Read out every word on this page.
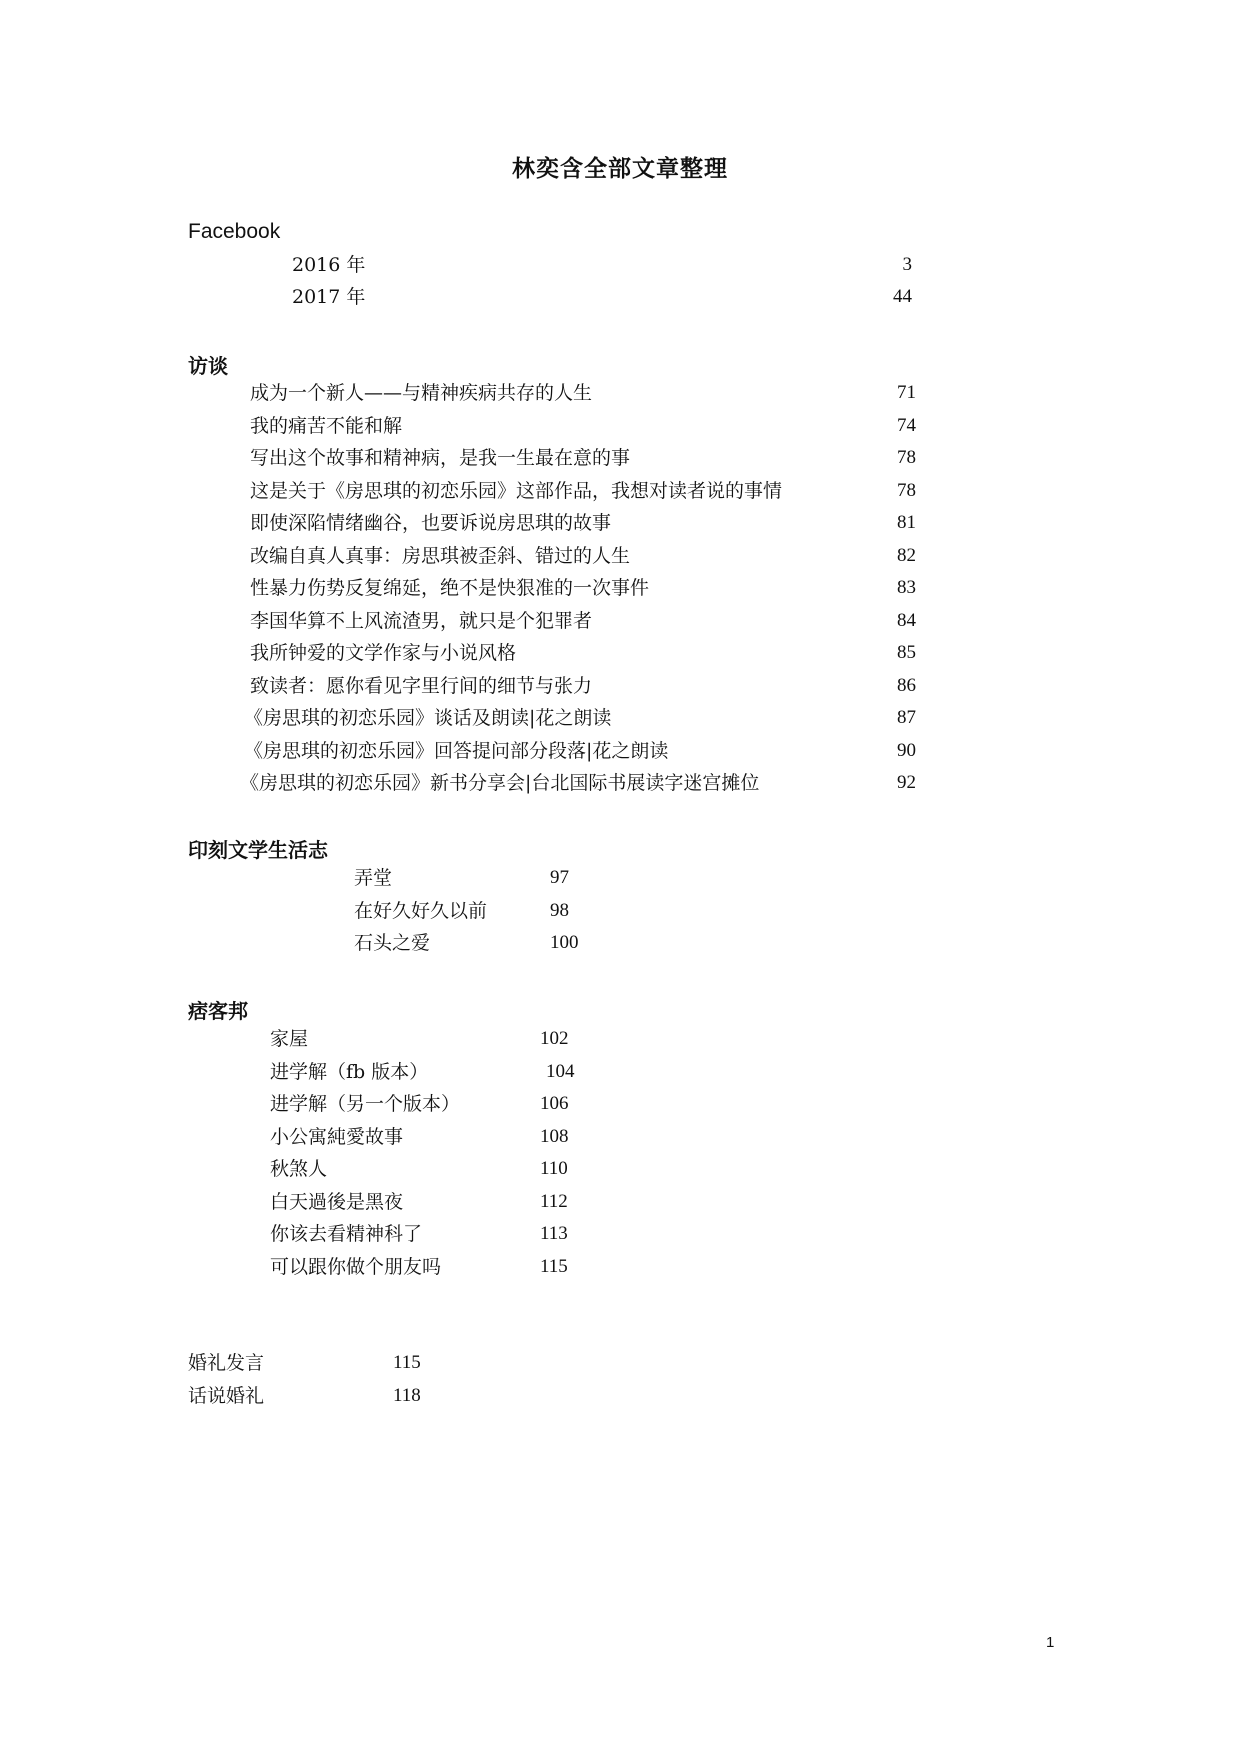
林奕含全部文章整理
Facebook
2016 年	3
2017 年	44
访谈
成为一个新人——与精神疾病共存的人生	71
我的痛苦不能和解	74
写出这个故事和精神病，是我一生最在意的事	78
这是关于《房思琪的初恋乐园》这部作品，我想对读者说的事情	78
即使深陷情绪幽谷，也要诉说房思琪的故事	81
改编自真人真事：房思琪被歪斜、错过的人生	82
性暴力伤势反复绵延，绝不是快狠准的一次事件	83
李国华算不上风流渣男，就只是个犯罪者	84
我所钟爱的文学作家与小说风格	85
致读者：愿你看见字里行间的细节与张力	86
《房思琪的初恋乐园》谈话及朗读|花之朗读	87
《房思琪的初恋乐园》回答提问部分段落|花之朗读	90
《房思琪的初恋乐园》新书分享会|台北国际书展读字迷宫摊位	92
印刻文学生活志
弄堂	97
在好久好久以前	98
石头之爱	100
痞客邦
家屋	102
进学解（fb 版本）	104
进学解（另一个版本）	106
小公寓純愛故事	108
秋煞人	110
白天過後是黑夜	112
你该去看精神科了	113
可以跟你做个朋友吗	115
婚礼发言	115
话说婚礼	118
1
